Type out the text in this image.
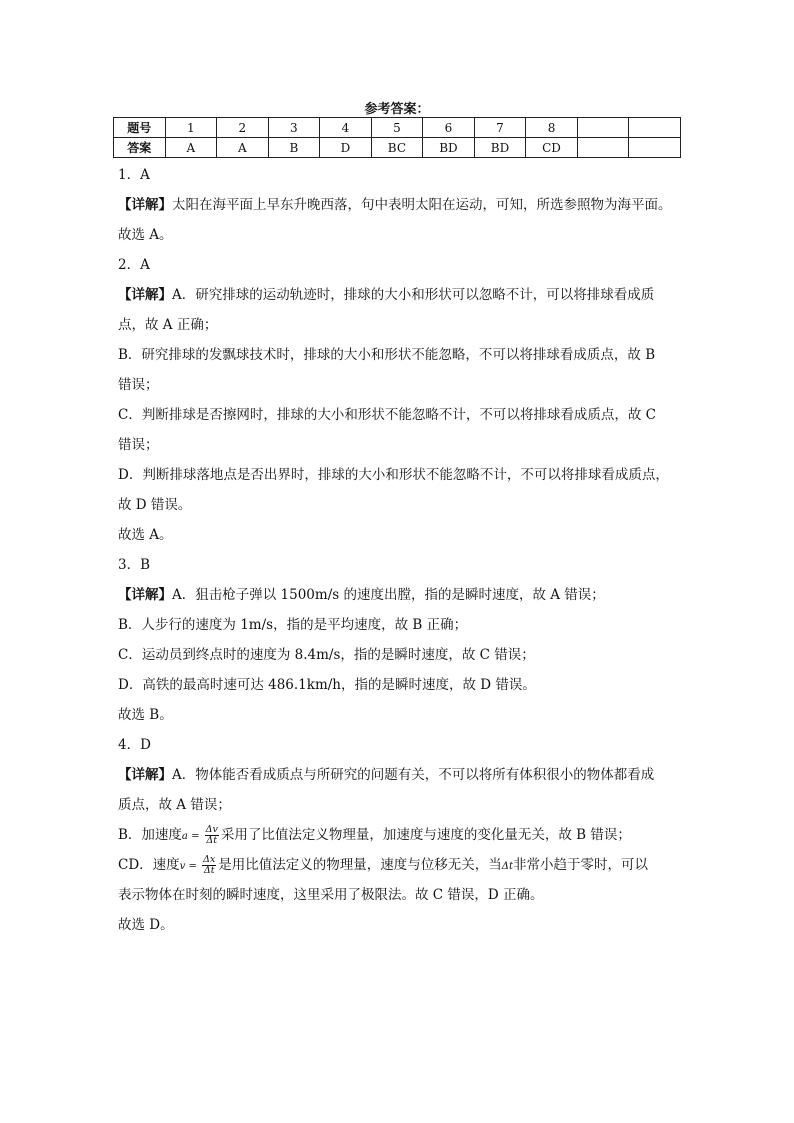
参考答案：
题号	1	2	3	4	5	6	7	8		
答案	A	A	B	D	BC	BD	BD	CD		
1．A
【详解】太阳在海平面上早东升晚西落，句中表明太阳在运动，可知，所选参照物为海平面。
故选 A。
2．A
【详解】A．研究排球的运动轨迹时，排球的大小和形状可以忽略不计，可以将排球看成质
点，故 A 正确；
B．研究排球的发飘球技术时，排球的大小和形状不能忽略，不可以将排球看成质点，故 B
错误；
C．判断排球是否擦网时，排球的大小和形状不能忽略不计，不可以将排球看成质点，故 C
错误；
D．判断排球落地点是否出界时，排球的大小和形状不能忽略不计，不可以将排球看成质点，
故 D 错误。
故选 A。
3．B
【详解】A．狙击枪子弹以 1500m/s 的速度出膛，指的是瞬时速度，故 A 错误；
B．人步行的速度为 1m/s，指的是平均速度，故 B 正确；
C．运动员到终点时的速度为 8.4m/s，指的是瞬时速度，故 C 错误；
D．高铁的最高时速可达 486.1km/h，指的是瞬时速度，故 D 错误。
故选 B。
4．D
【详解】A．物体能否看成质点与所研究的问题有关，不可以将所有体积很小的物体都看成
质点，故 A 错误；
B．加速度$a = \frac{\Delta v}{\Delta t}$ 采用了比值法定义物理量，加速度与速度的变化量无关，故 B 错误；
CD．速度$v = \frac{\Delta x}{\Delta t}$ 是用比值法定义的物理量，速度与位移无关，当Δt非常小趋于零时，可以
表示物体在时刻的瞬时速度，这里采用了极限法。故 C 错误，D 正确。
故选 D。
